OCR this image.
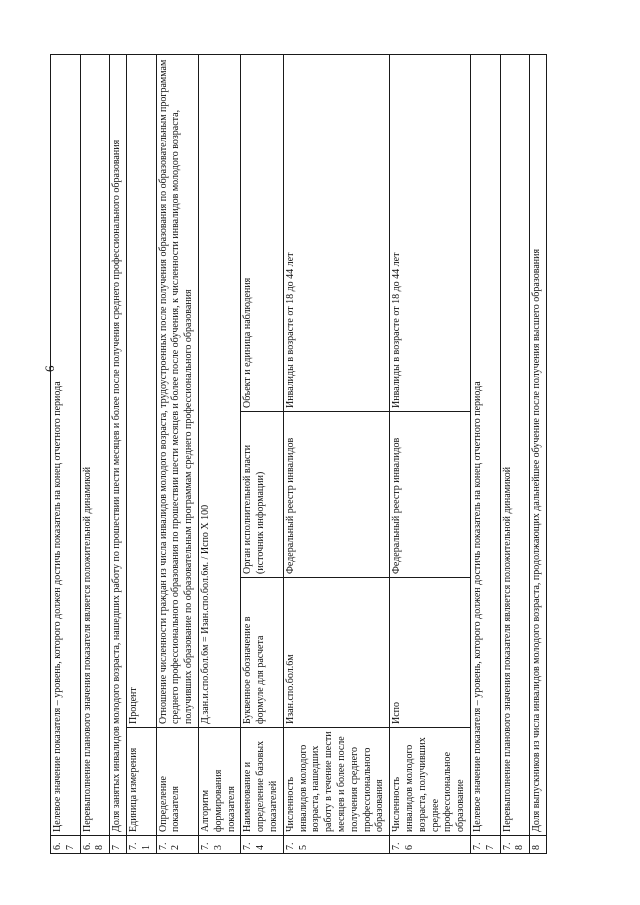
6
6.7	Целевое значение показателя – уровень, которого должен достичь показатель на конец отчетного периода			
6.8	Перевыполнение планового значения показателя является положительной динамикой			
7	Доля занятых инвалидов молодого возраста, нашедших работу по прошествии шести месяцев и более после получения среднего профессионального образования			
7.1	Единица измерения	Процент		
7.2	Определение показателя	Отношение численности граждан из числа инвалидов молодого возраста, трудоустроенных после получения образования по образовательным программам среднего профессионального образования по прошествии шести месяцев и более после обучения, к численности инвалидов молодого возраста, получивших образование по образовательным программам среднего профессионального образования		
7.3	Алгоритм формирования показателя	Д.зан.и.спо.бол.6м = Изан.спо.бол.6м. / Испо Х 100		
7.4	Наименование и определение базовых показателей	Буквенное обозначение в формуле для расчета	Орган исполнительной власти (источник информации)	Объект и единица наблюдения
7.5	Численность инвалидов молодого возраста, нашедших работу в течение шести месяцев и более после получения среднего профессионального образования	Изан.спо.бол.6м	Федеральный реестр инвалидов	Инвалиды в возрасте от 18 до 44 лет
7.6	Численность инвалидов молодого возраста, получивших среднее профессиональное образование	Испо	Федеральный реестр инвалидов	Инвалиды в возрасте от 18 до 44 лет
7.7	Целевое значение показателя – уровень, которого должен достичь показатель на конец отчетного периода			
7.8	Перевыполнение планового значения показателя является положительной динамикой			
8	Доля выпускников из числа инвалидов молодого возраста, продолжающих дальнейшее обучение после получения высшего образования			
